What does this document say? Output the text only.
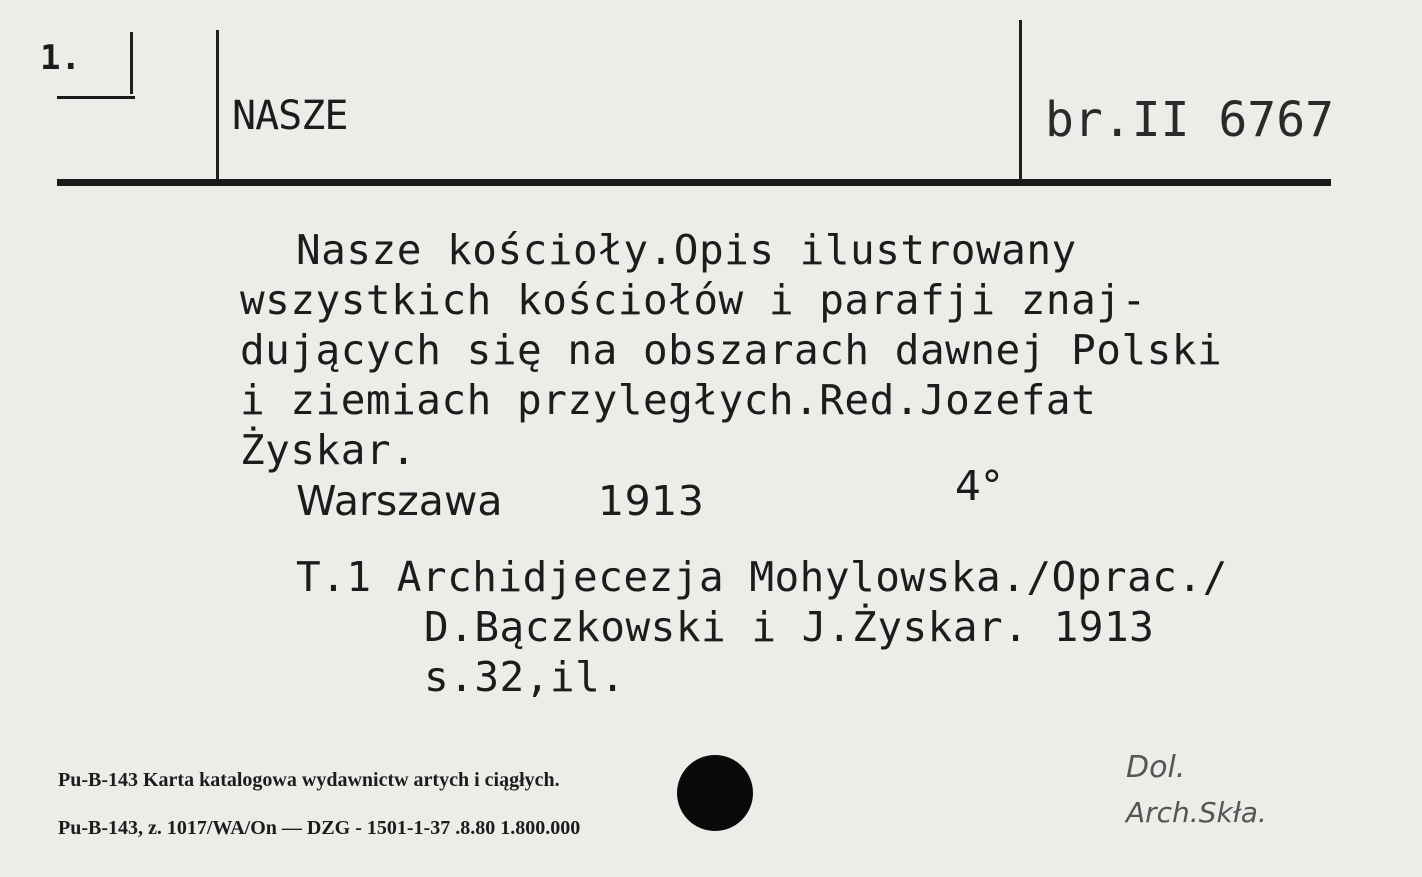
1.
NASZE	br.II 6767
Nasze kościoły.Opis ilustrowany
wszystkich kościołów i parafji znaj-
dujących się na obszarach dawnej Polski
i ziemiach przyległych.Red.Jozefat
Żyskar.
Warszawa 1913	4°
T.1 Archidjecezja Mohylowska./Oprac./
D.Bączkowski i J.Żyskar. 1913
s.32,il.
Pu-B-143 Karta katalogowa wydawnictw artych i ciągłych.
Pu-B-143, z. 1017/WA/On — DZG - 1501-1-37 .8.80 1.800.000
Dol.
Arch.Skła.
